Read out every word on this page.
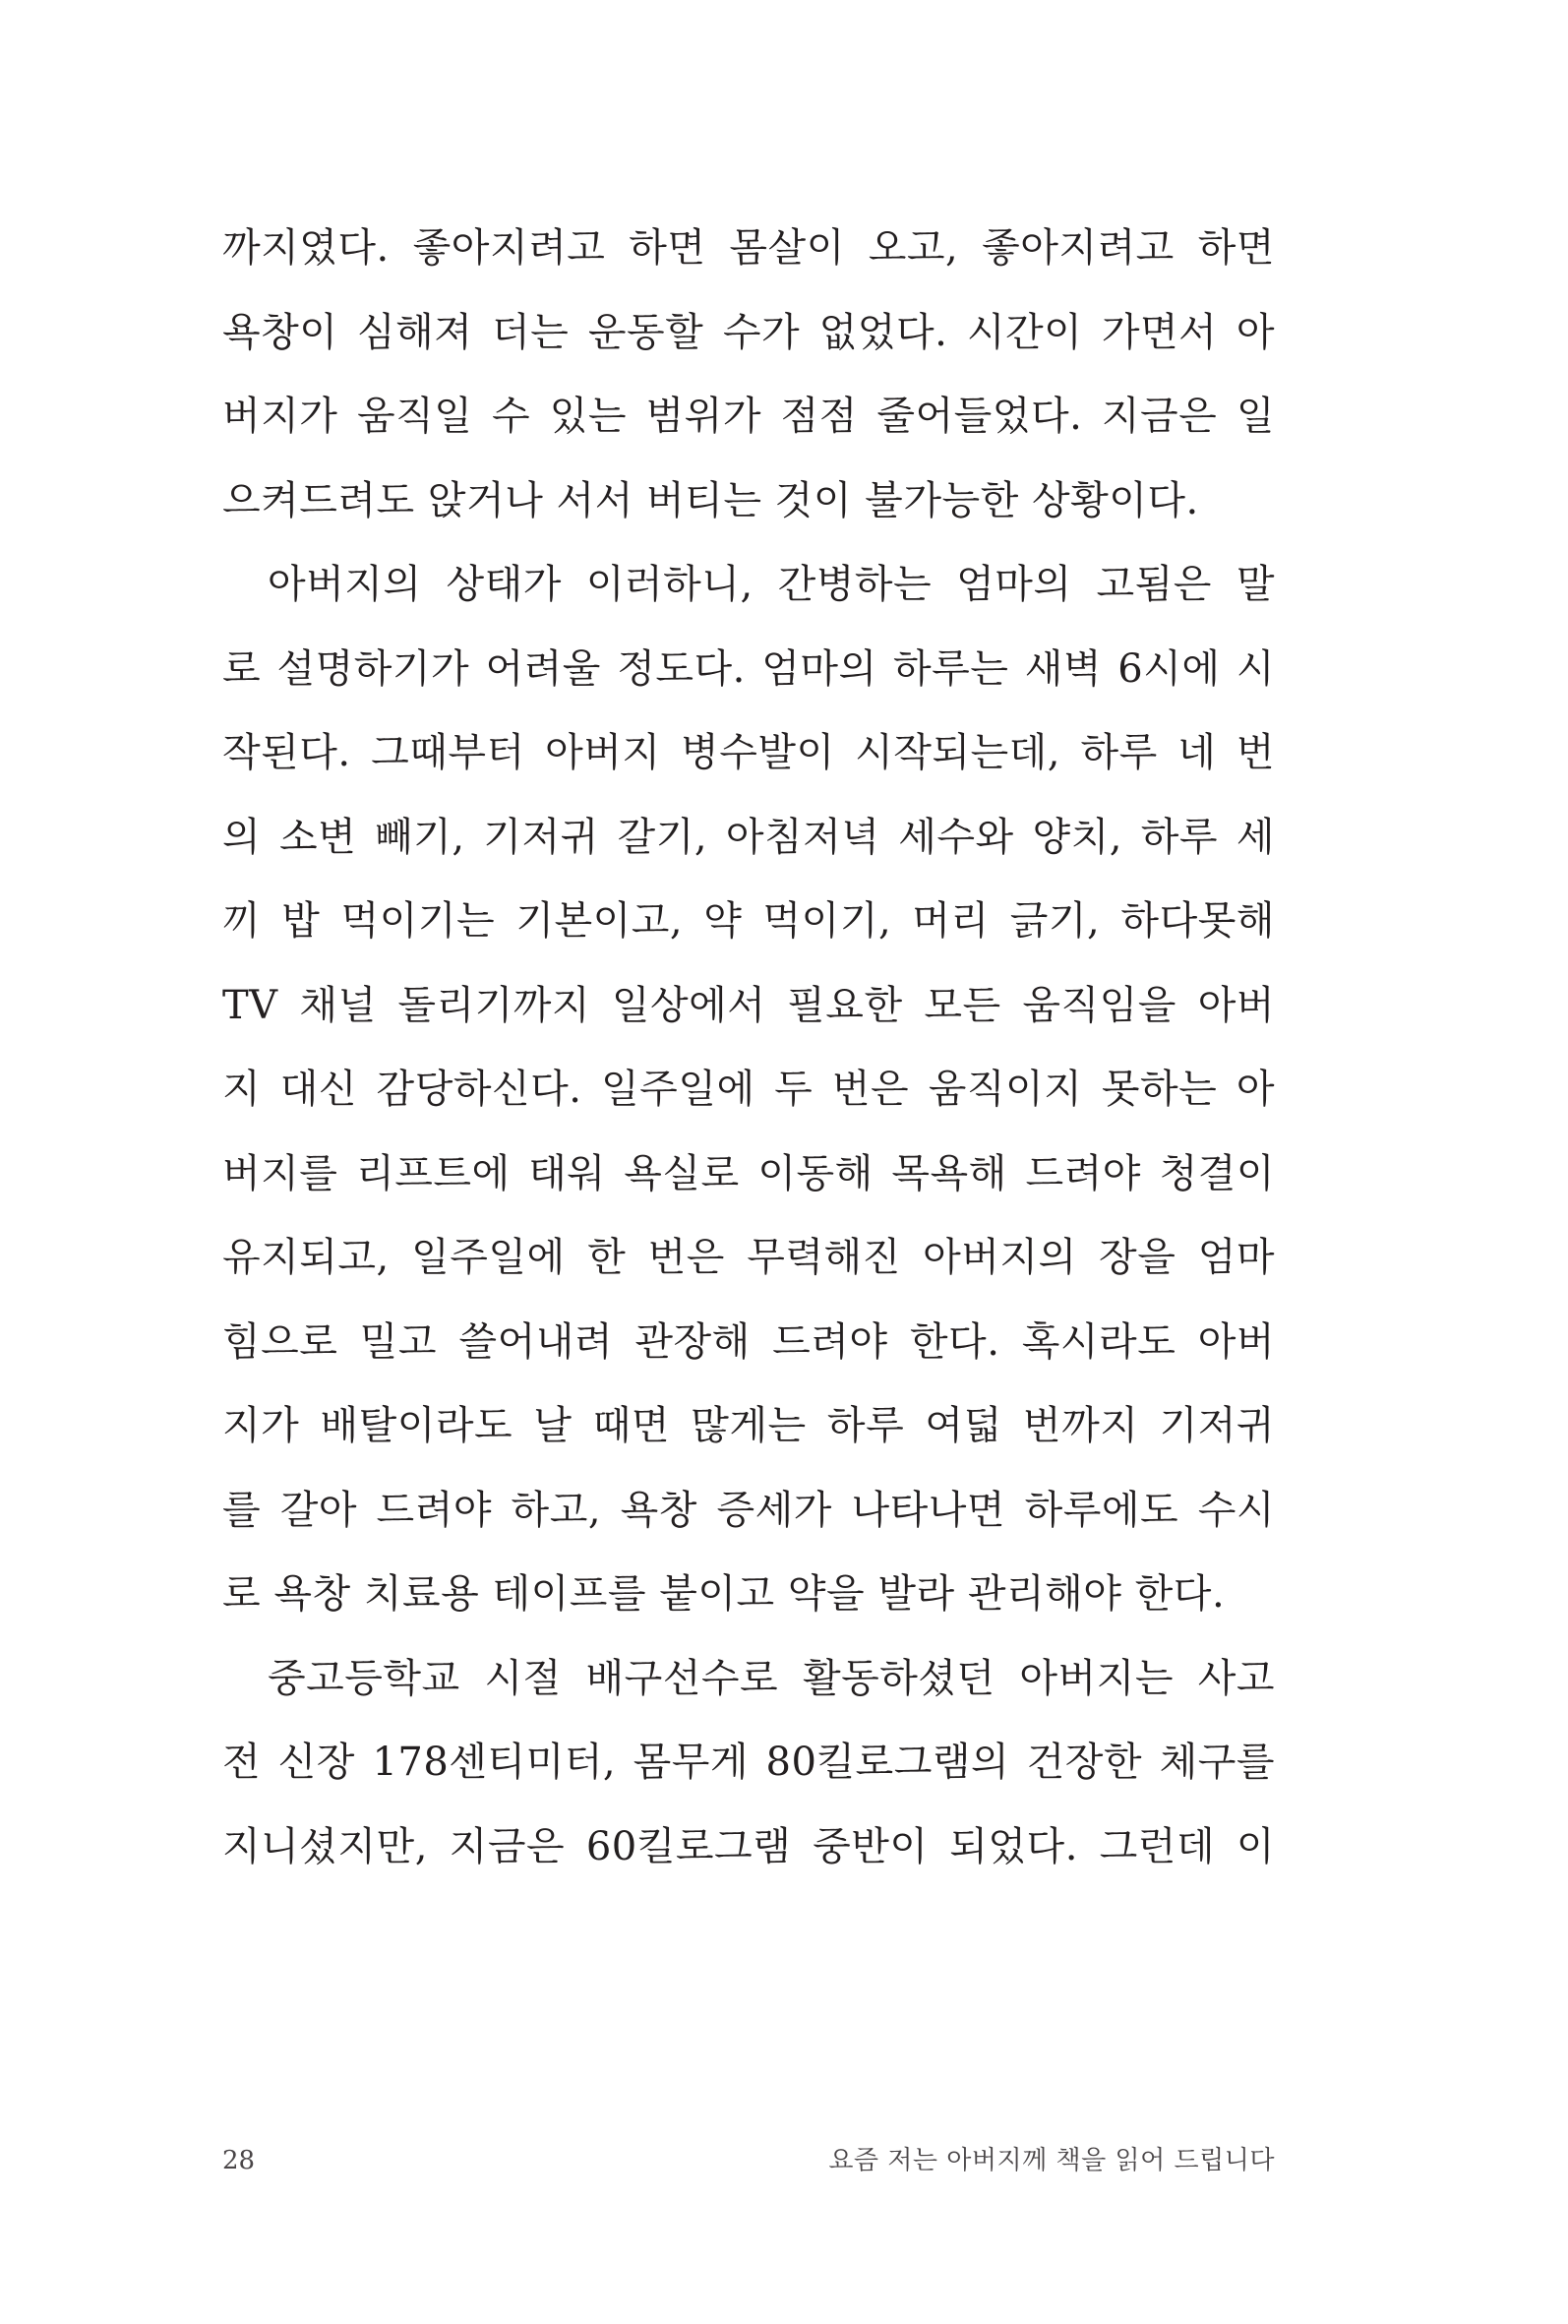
까지였다. 좋아지려고 하면 몸살이 오고, 좋아지려고 하면
욕창이 심해져 더는 운동할 수가 없었다. 시간이 가면서 아
버지가 움직일 수 있는 범위가 점점 줄어들었다. 지금은 일
으켜드려도 앉거나 서서 버티는 것이 불가능한 상황이다.
아버지의 상태가 이러하니, 간병하는 엄마의 고됨은 말
로 설명하기가 어려울 정도다. 엄마의 하루는 새벽 6시에 시
작된다. 그때부터 아버지 병수발이 시작되는데, 하루 네 번
의 소변 빼기, 기저귀 갈기, 아침저녁 세수와 양치, 하루 세
끼 밥 먹이기는 기본이고, 약 먹이기, 머리 긁기, 하다못해
TV 채널 돌리기까지 일상에서 필요한 모든 움직임을 아버
지 대신 감당하신다. 일주일에 두 번은 움직이지 못하는 아
버지를 리프트에 태워 욕실로 이동해 목욕해 드려야 청결이
유지되고, 일주일에 한 번은 무력해진 아버지의 장을 엄마
힘으로 밀고 쓸어내려 관장해 드려야 한다. 혹시라도 아버
지가 배탈이라도 날 때면 많게는 하루 여덟 번까지 기저귀
를 갈아 드려야 하고, 욕창 증세가 나타나면 하루에도 수시
로 욕창 치료용 테이프를 붙이고 약을 발라 관리해야 한다.
중고등학교 시절 배구선수로 활동하셨던 아버지는 사고
전 신장 178센티미터, 몸무게 80킬로그램의 건장한 체구를
지니셨지만, 지금은 60킬로그램 중반이 되었다. 그런데 이
28	요즘 저는 아버지께 책을 읽어 드립니다
